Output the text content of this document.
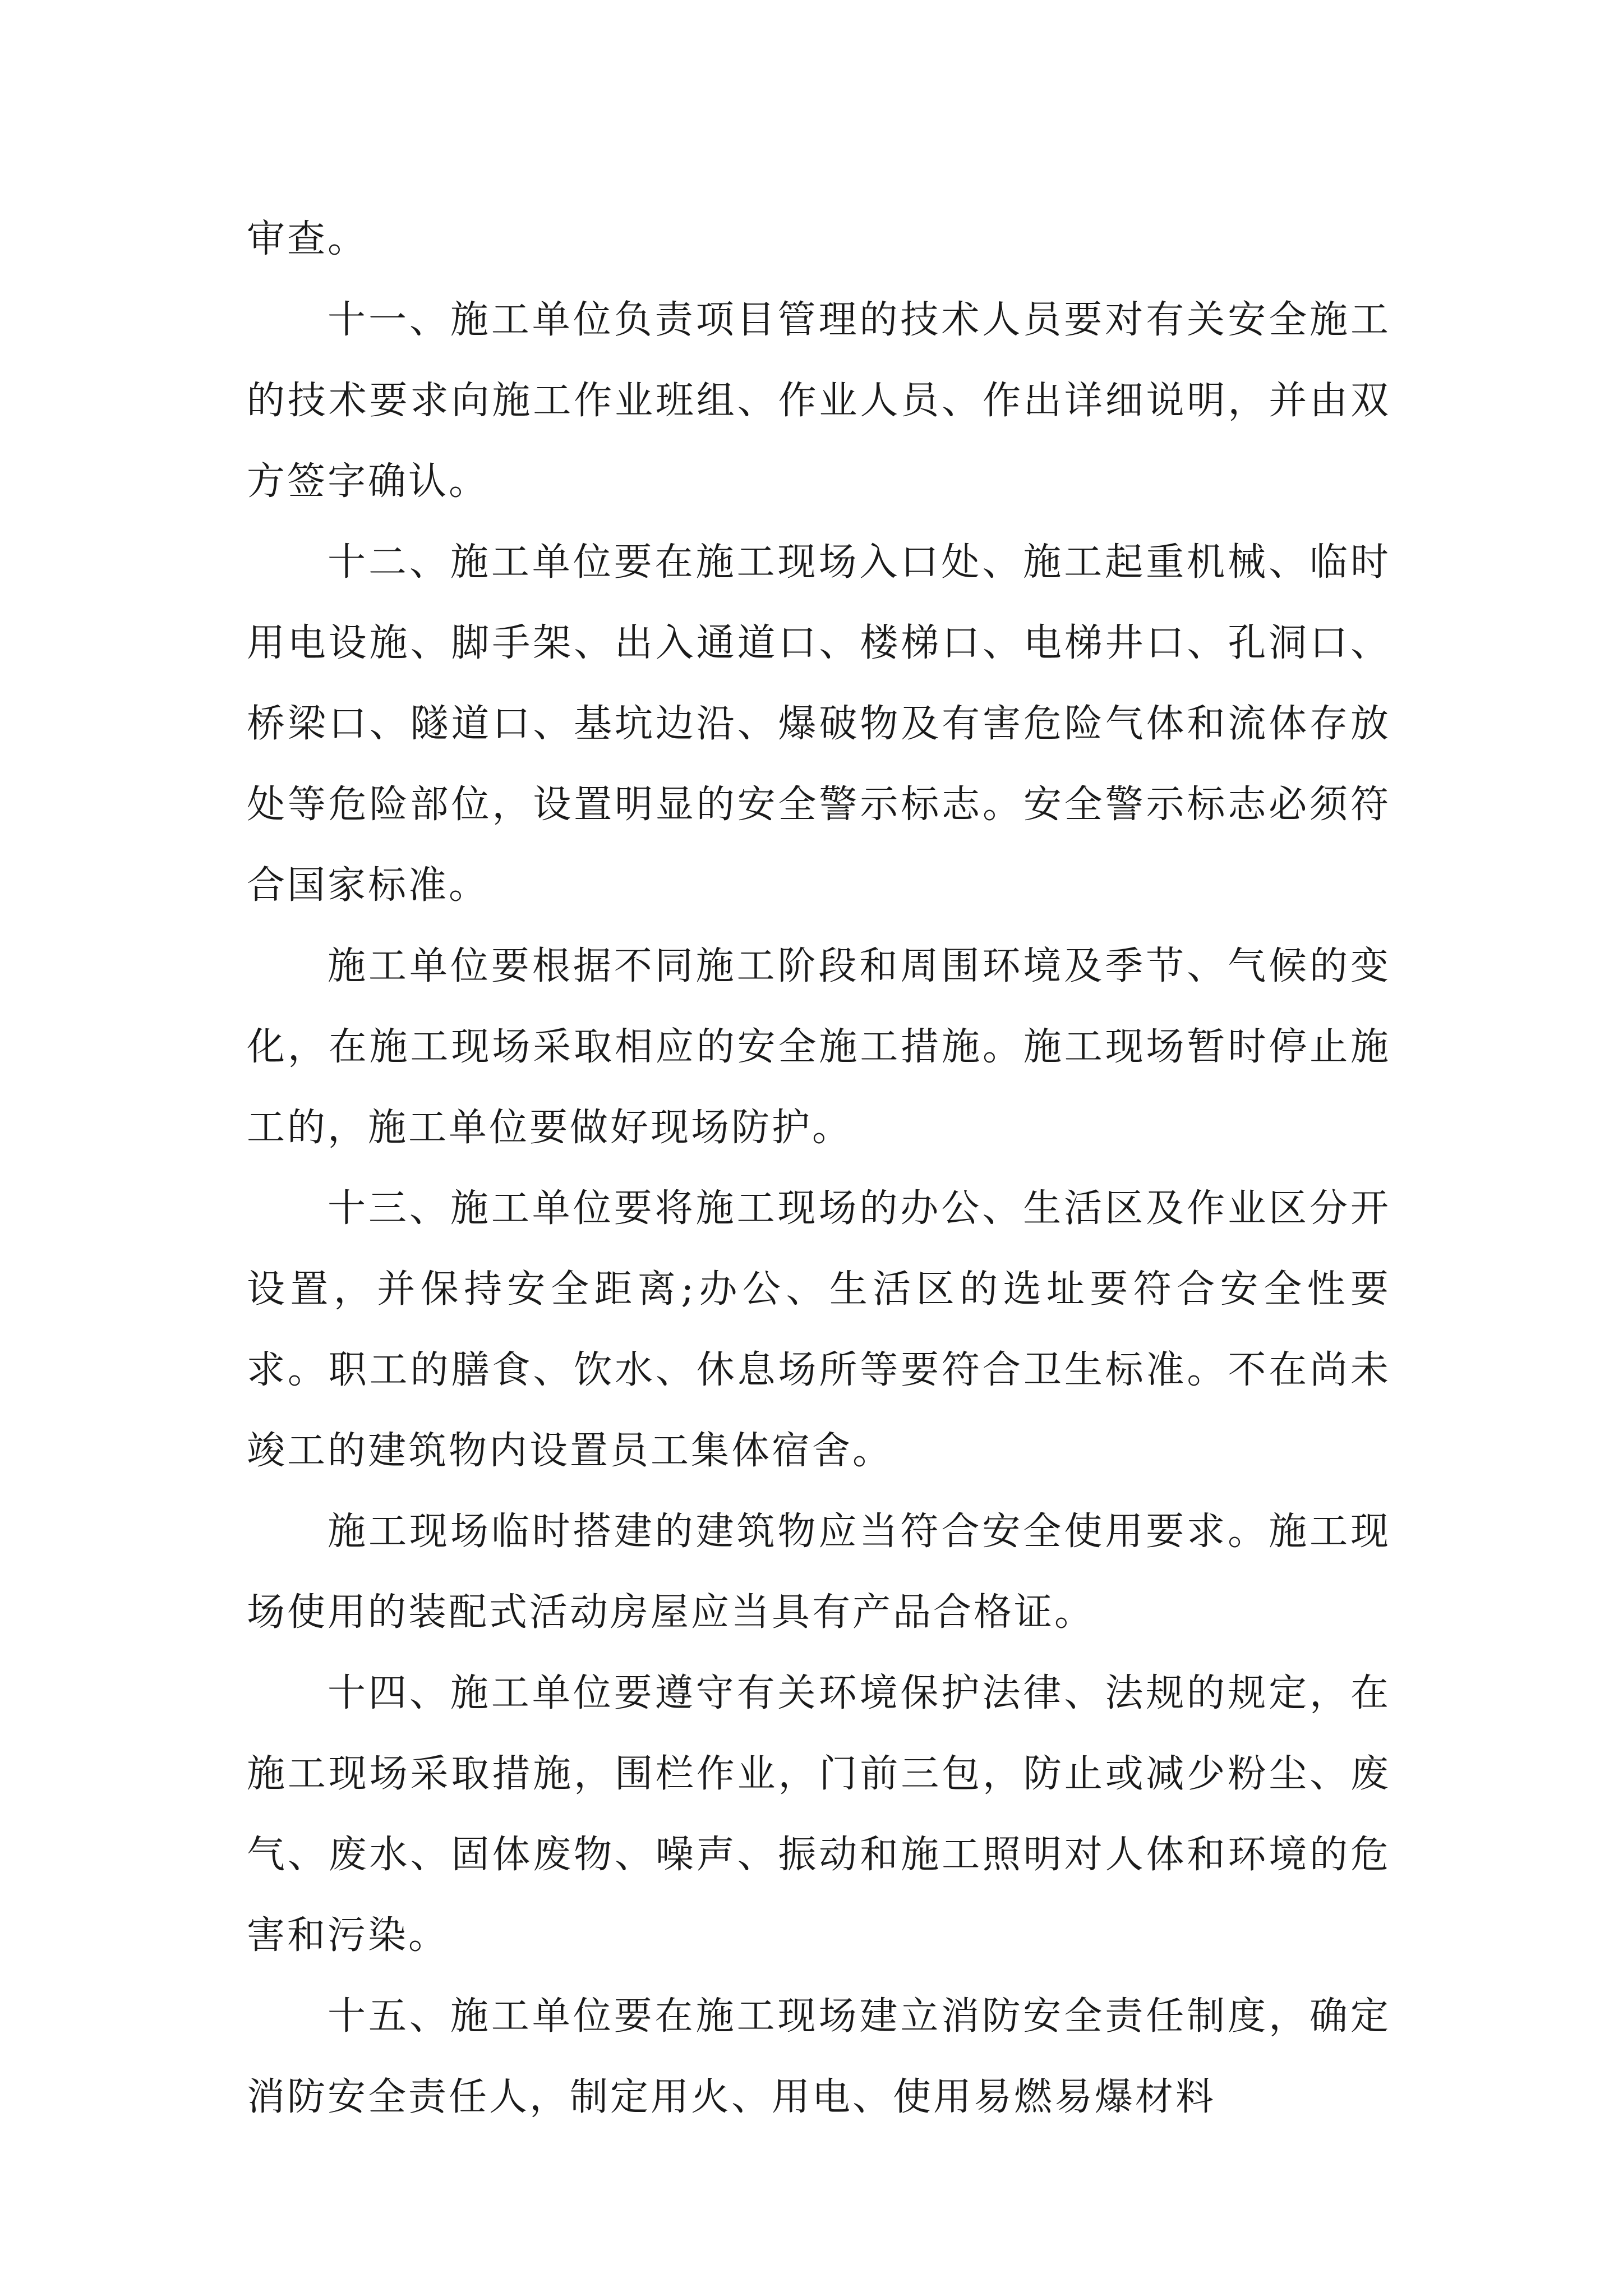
审查。

十一、施工单位负责项目管理的技术人员要对有关安全施工的技术要求向施工作业班组、作业人员、作出详细说明，并由双方签字确认。

十二、施工单位要在施工现场入口处、施工起重机械、临时用电设施、脚手架、出入通道口、楼梯口、电梯井口、孔洞口、桥梁口、隧道口、基坑边沿、爆破物及有害危险气体和流体存放处等危险部位，设置明显的安全警示标志。安全警示标志必须符合国家标准。

施工单位要根据不同施工阶段和周围环境及季节、气候的变化，在施工现场采取相应的安全施工措施。施工现场暂时停止施工的，施工单位要做好现场防护。

十三、施工单位要将施工现场的办公、生活区及作业区分开设置，并保持安全距离;办公、生活区的选址要符合安全性要求。职工的膳食、饮水、休息场所等要符合卫生标准。不在尚未竣工的建筑物内设置员工集体宿舍。

施工现场临时搭建的建筑物应当符合安全使用要求。施工现场使用的装配式活动房屋应当具有产品合格证。

十四、施工单位要遵守有关环境保护法律、法规的规定，在施工现场采取措施，围栏作业，门前三包，防止或减少粉尘、废气、废水、固体废物、噪声、振动和施工照明对人体和环境的危害和污染。

十五、施工单位要在施工现场建立消防安全责任制度，确定消防安全责任人，制定用火、用电、使用易燃易爆材料
